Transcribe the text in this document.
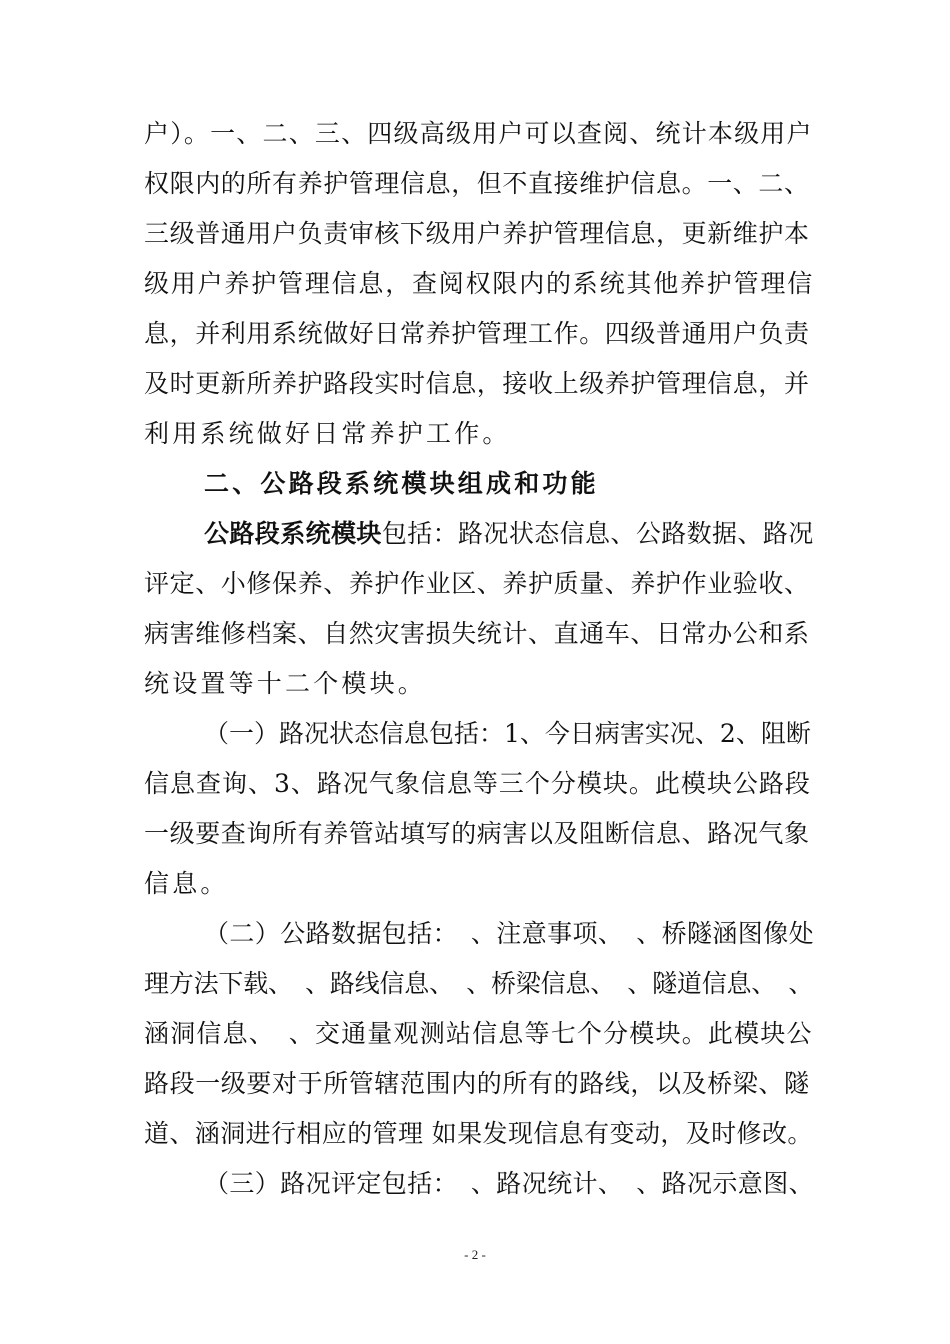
户）。一、二、三、四级高级用户可以查阅、统计本级用户
权限内的所有养护管理信息，但不直接维护信息。一、二、
三级普通用户负责审核下级用户养护管理信息，更新维护本
级用户养护管理信息，查阅权限内的系统其他养护管理信
息，并利用系统做好日常养护管理工作。四级普通用户负责
及时更新所养护路段实时信息，接收上级养护管理信息，并
利用系统做好日常养护工作。
二、公路段系统模块组成和功能
公路段系统模块包括：路况状态信息、公路数据、路况
评定、小修保养、养护作业区、养护质量、养护作业验收、
病害维修档案、自然灾害损失统计、直通车、日常办公和系
统设置等十二个模块。
（一）路况状态信息包括：1、今日病害实况、2、阻断
信息查询、3、路况气象信息等三个分模块。此模块公路段
一级要查询所有养管站填写的病害以及阻断信息、路况气象
信息。
（二）公路数据包括：　、注意事项、　、桥隧涵图像处
理方法下载、　、路线信息、　、桥梁信息、　、隧道信息、　、
涵洞信息、　、交通量观测站信息等七个分模块。此模块公
路段一级要对于所管辖范围内的所有的路线，以及桥梁、隧
道、涵洞进行相应的管理 如果发现信息有变动，及时修改。
（三）路况评定包括：　、路况统计、　、路况示意图、
- 2 -
